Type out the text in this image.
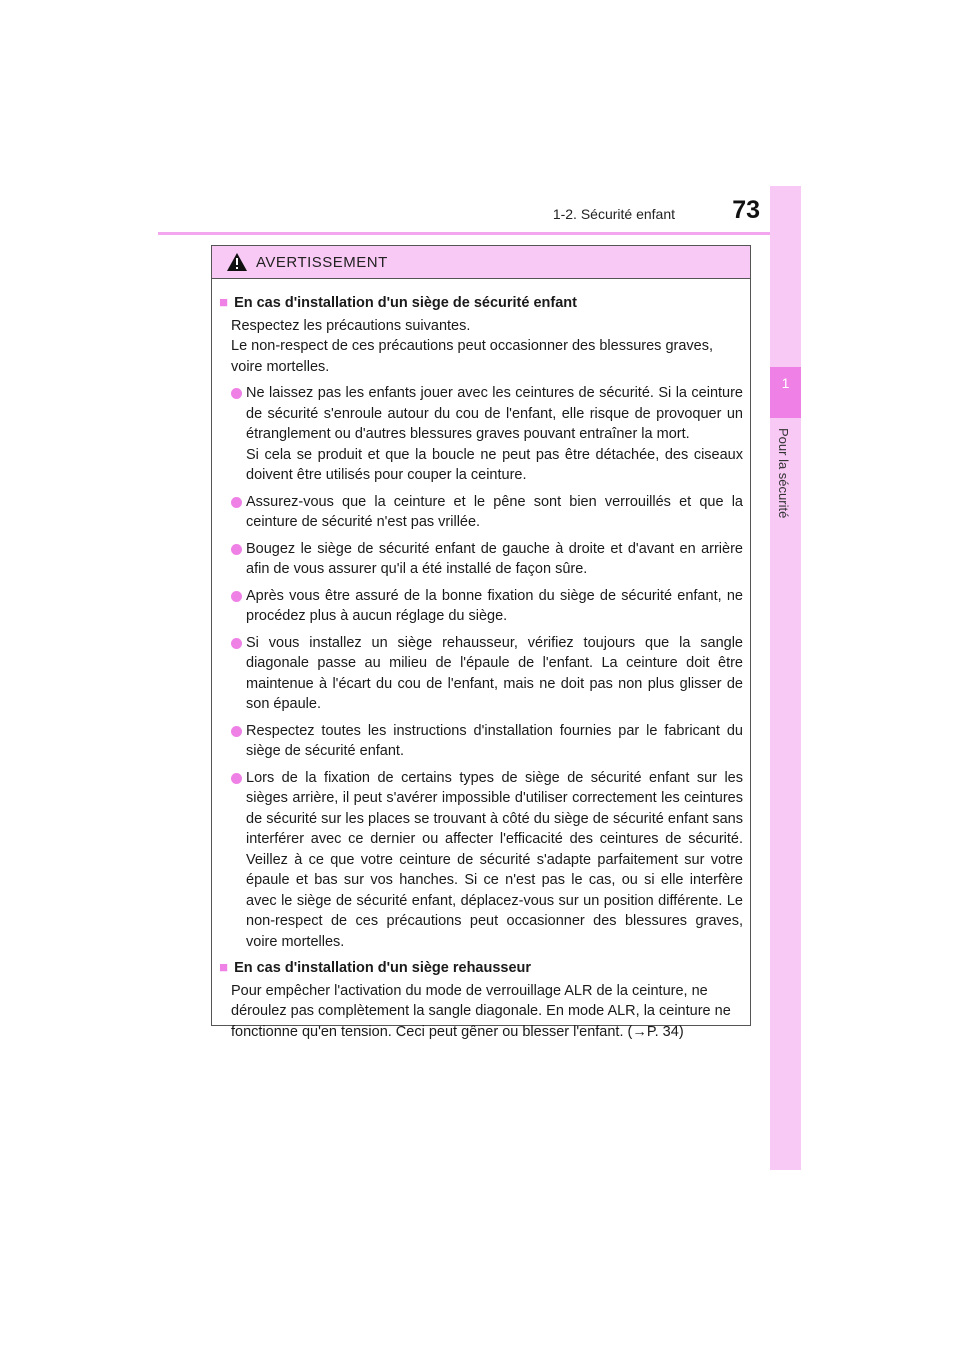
1
Pour la sécurité
1-2. Sécurité enfant	73
AVERTISSEMENT
■ En cas d'installation d'un siège de sécurité enfant
Respectez les précautions suivantes.
Le non-respect de ces précautions peut occasionner des blessures graves, voire mortelles.
Ne laissez pas les enfants jouer avec les ceintures de sécurité. Si la ceinture de sécurité s'enroule autour du cou de l'enfant, elle risque de provoquer un étranglement ou d'autres blessures graves pouvant entraîner la mort.
Si cela se produit et que la boucle ne peut pas être détachée, des ciseaux doivent être utilisés pour couper la ceinture.
Assurez-vous que la ceinture et le pêne sont bien verrouillés et que la ceinture de sécurité n'est pas vrillée.
Bougez le siège de sécurité enfant de gauche à droite et d'avant en arrière afin de vous assurer qu'il a été installé de façon sûre.
Après vous être assuré de la bonne fixation du siège de sécurité enfant, ne procédez plus à aucun réglage du siège.
Si vous installez un siège rehausseur, vérifiez toujours que la sangle diagonale passe au milieu de l'épaule de l'enfant. La ceinture doit être maintenue à l'écart du cou de l'enfant, mais ne doit pas non plus glisser de son épaule.
Respectez toutes les instructions d'installation fournies par le fabricant du siège de sécurité enfant.
Lors de la fixation de certains types de siège de sécurité enfant sur les sièges arrière, il peut s'avérer impossible d'utiliser correctement les ceintures de sécurité sur les places se trouvant à côté du siège de sécurité enfant sans interférer avec ce dernier ou affecter l'efficacité des ceintures de sécurité. Veillez à ce que votre ceinture de sécurité s'adapte parfaitement sur votre épaule et bas sur vos hanches. Si ce n'est pas le cas, ou si elle interfère avec le siège de sécurité enfant, déplacez-vous sur un position différente. Le non-respect de ces précautions peut occasionner des blessures graves, voire mortelles.
■ En cas d'installation d'un siège rehausseur
Pour empêcher l'activation du mode de verrouillage ALR de la ceinture, ne déroulez pas complètement la sangle diagonale. En mode ALR, la ceinture ne fonctionne qu'en tension. Ceci peut gêner ou blesser l'enfant. (→P. 34)
